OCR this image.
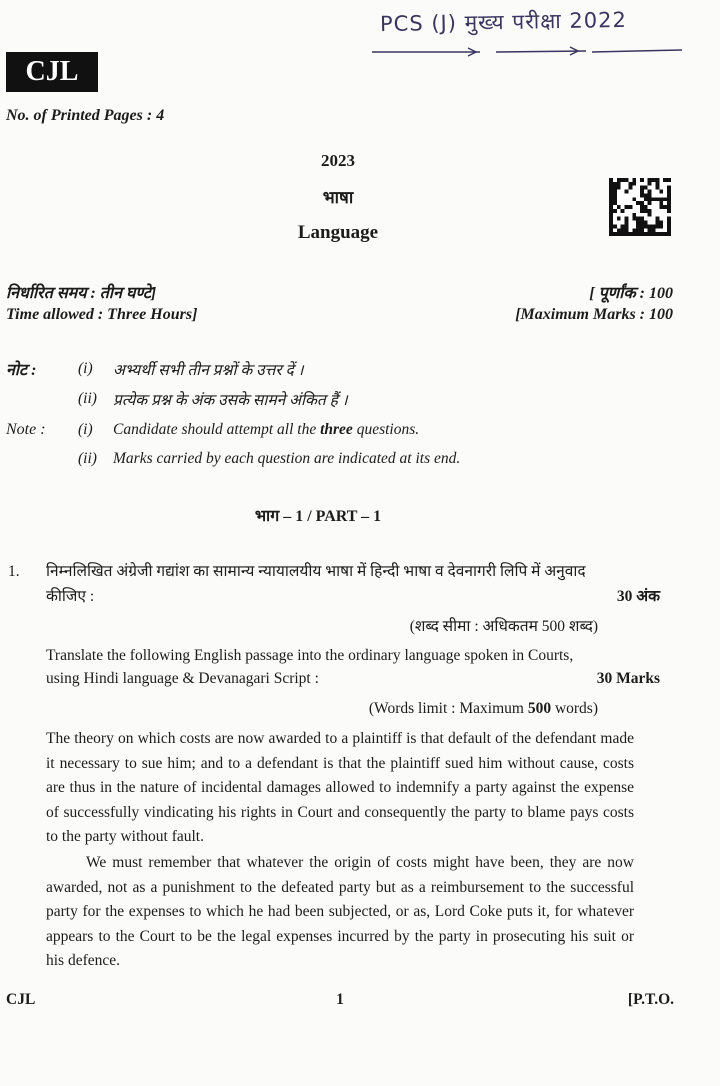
PCS (J) मुख्य परीक्षा 2022
CJL
No. of Printed Pages : 4
2023
भाषा
Language
निर्धारित समय : तीन घण्टे]	[ पूर्णांक : 100
Time allowed : Three Hours]	[Maximum Marks : 100
नोट :	(i) अभ्यर्थी सभी तीन प्रश्नों के उत्तर दें ।
(ii) प्रत्येक प्रश्न के अंक उसके सामने अंकित हैं ।
Note : (i) Candidate should attempt all the three questions.
(ii) Marks carried by each question are indicated at its end.
भाग – 1 / PART – 1
1. निम्नलिखित अंग्रेजी गद्यांश का सामान्य न्यायालयीय भाषा में हिन्दी भाषा व देवनागरी लिपि में अनुवाद
कीजिए :	30 अंक
(शब्द सीमा : अधिकतम 500 शब्द)
Translate the following English passage into the ordinary language spoken in Courts,
using Hindi language & Devanagari Script :	30 Marks
(Words limit : Maximum 500 words)
The theory on which costs are now awarded to a plaintiff is that default of the defendant made it necessary to sue him; and to a defendant is that the plaintiff sued him without cause, costs are thus in the nature of incidental damages allowed to indemnify a party against the expense of successfully vindicating his rights in Court and consequently the party to blame pays costs to the party without fault.
We must remember that whatever the origin of costs might have been, they are now awarded, not as a punishment to the defeated party but as a reimbursement to the successful party for the expenses to which he had been subjected, or as, Lord Coke puts it, for whatever appears to the Court to be the legal expenses incurred by the party in prosecuting his suit or his defence.
CJL	1	[P.T.O.
